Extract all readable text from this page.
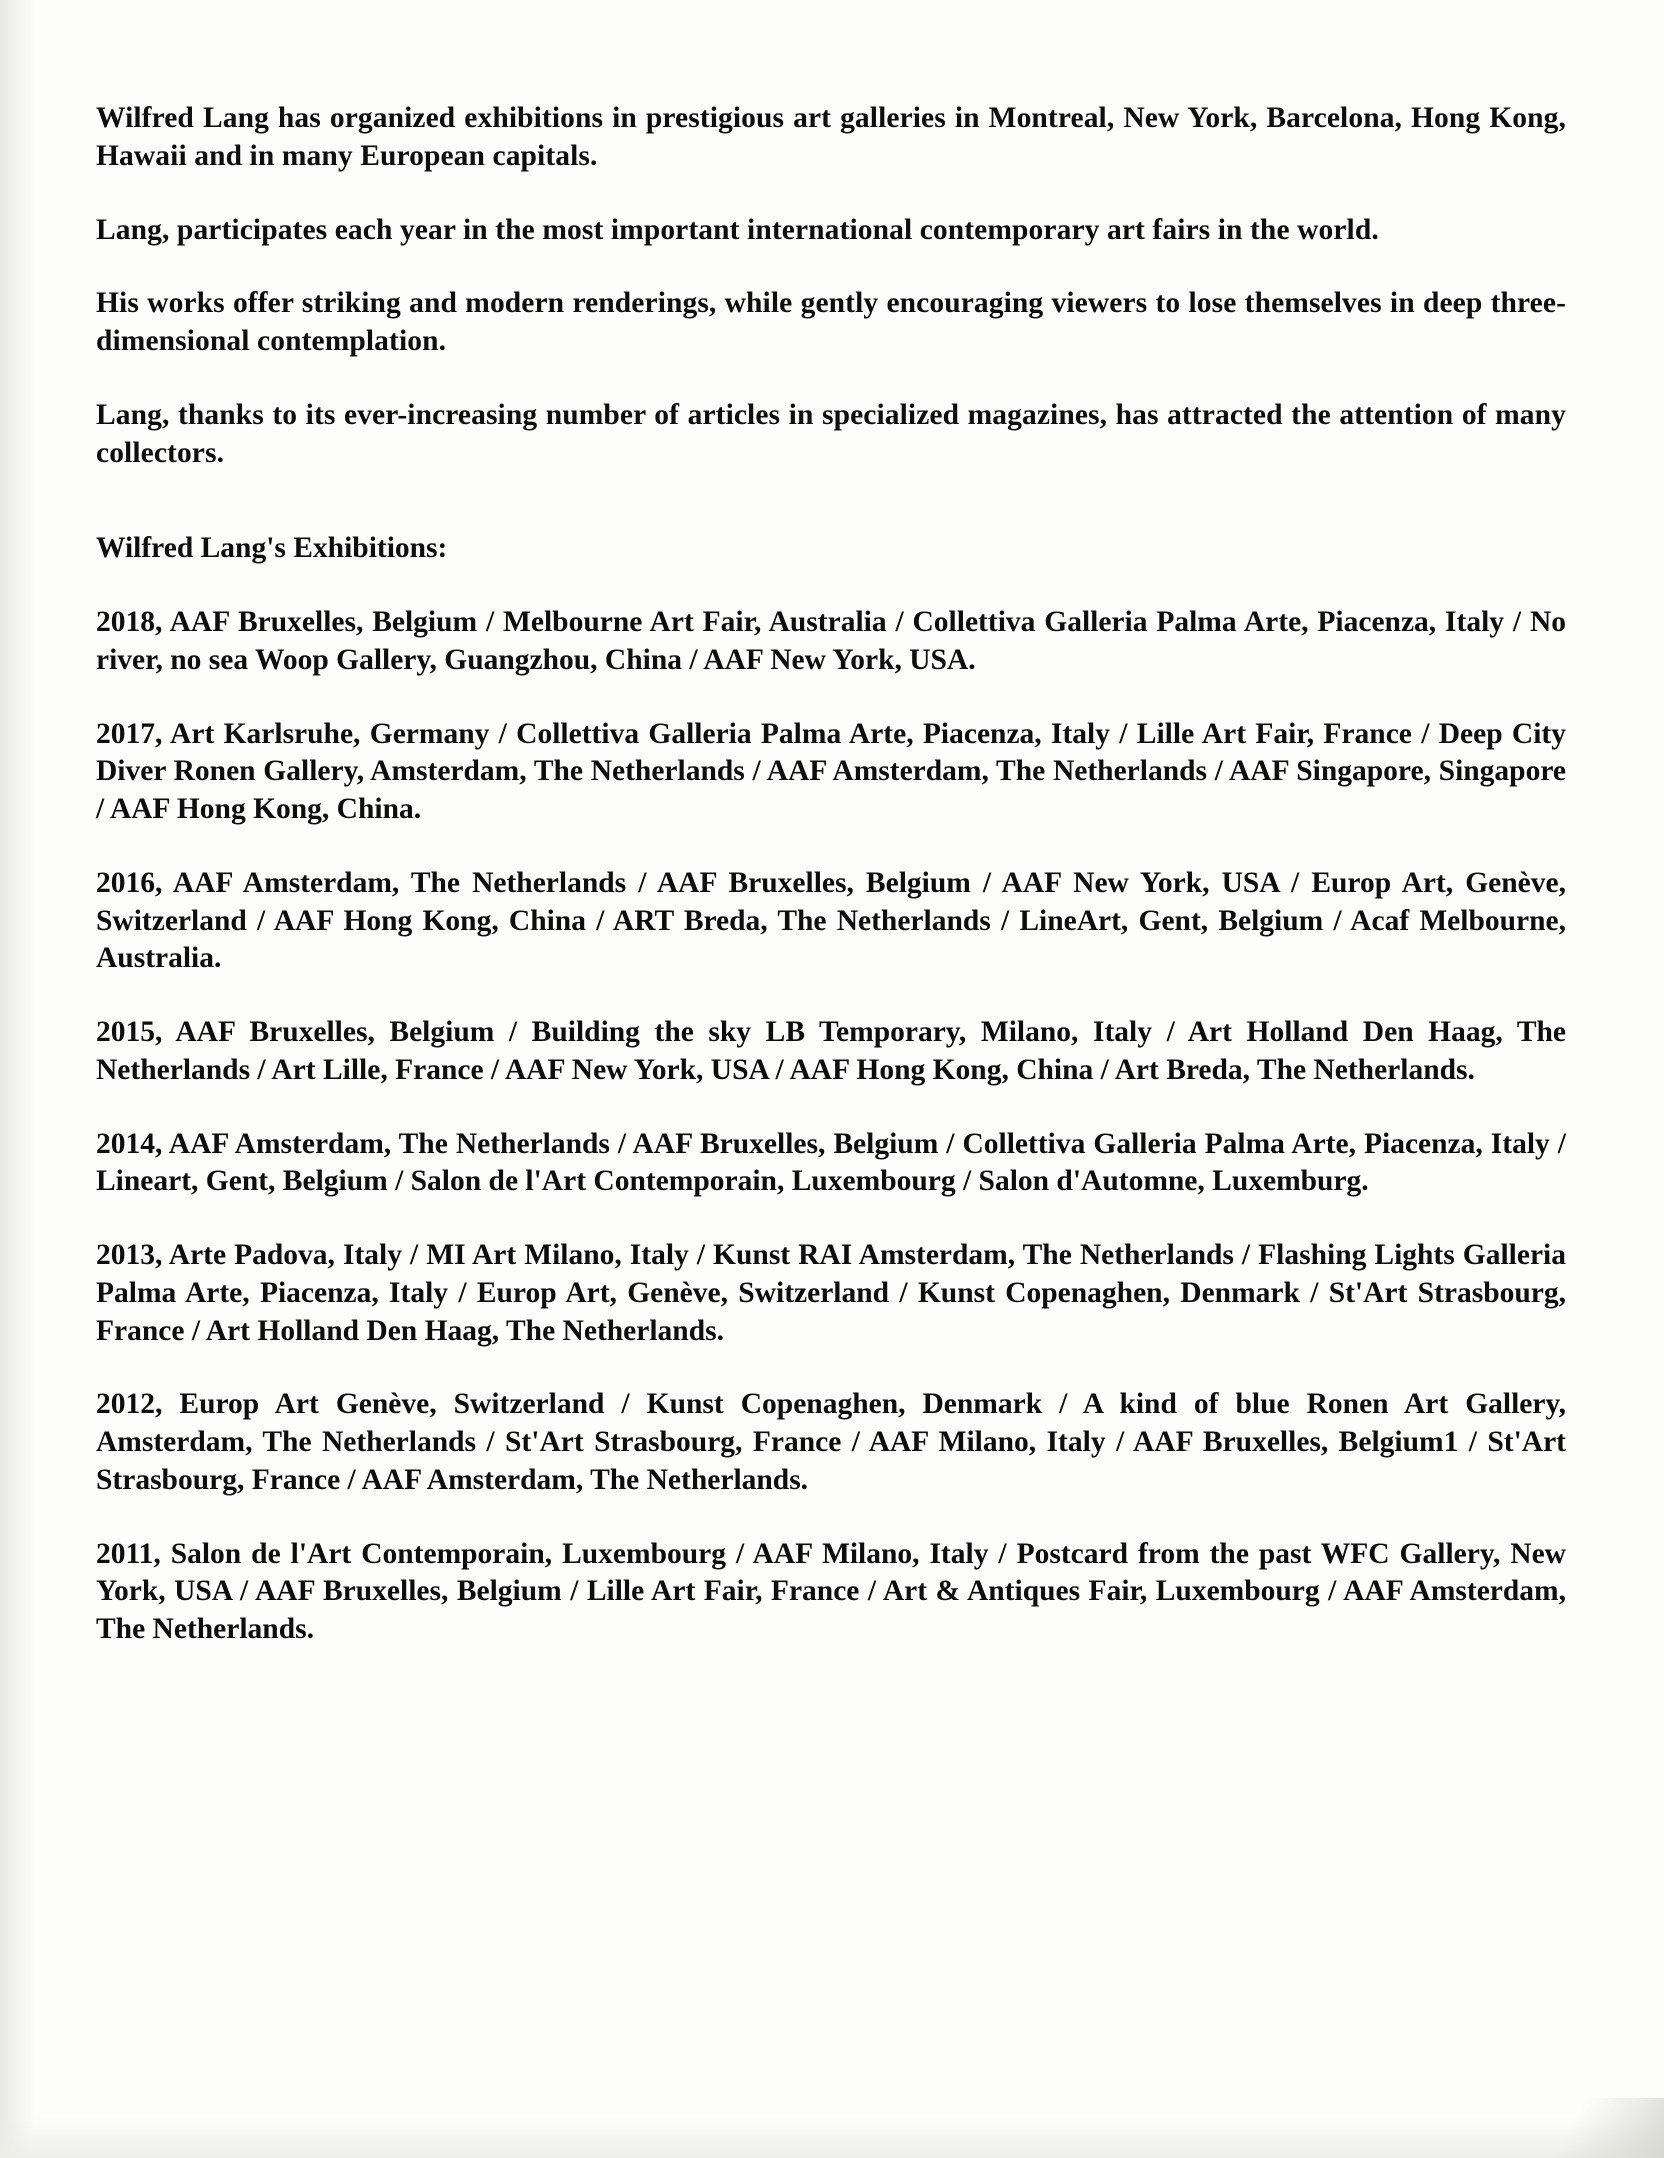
Wilfred Lang has organized exhibitions in prestigious art galleries in Montreal, New York, Barcelona, Hong Kong, Hawaii and in many European capitals.

Lang, participates each year in the most important international contemporary art fairs in the world.

His works offer striking and modern renderings, while gently encouraging viewers to lose themselves in deep three-dimensional contemplation.

Lang, thanks to its ever-increasing number of articles in specialized magazines, has attracted the attention of many collectors.

Wilfred Lang's Exhibitions:

2018, AAF Bruxelles, Belgium / Melbourne Art Fair, Australia / Collettiva Galleria Palma Arte, Piacenza, Italy / No river, no sea Woop Gallery, Guangzhou, China / AAF New York, USA.

2017, Art Karlsruhe, Germany / Collettiva Galleria Palma Arte, Piacenza, Italy / Lille Art Fair, France / Deep City Diver Ronen Gallery, Amsterdam, The Netherlands / AAF Amsterdam, The Netherlands / AAF Singapore, Singapore / AAF Hong Kong, China.

2016, AAF Amsterdam, The Netherlands / AAF Bruxelles, Belgium / AAF New York, USA / Europ Art, Genève, Switzerland / AAF Hong Kong, China / ART Breda, The Netherlands / LineArt, Gent, Belgium / Acaf Melbourne, Australia.

2015, AAF Bruxelles, Belgium / Building the sky LB Temporary, Milano, Italy / Art Holland Den Haag, The Netherlands / Art Lille, France / AAF New York, USA / AAF Hong Kong, China / Art Breda, The Netherlands.

2014, AAF Amsterdam, The Netherlands / AAF Bruxelles, Belgium / Collettiva Galleria Palma Arte, Piacenza, Italy / Lineart, Gent, Belgium / Salon de l'Art Contemporain, Luxembourg / Salon d'Automne, Luxemburg.

2013, Arte Padova, Italy / MI Art Milano, Italy / Kunst RAI Amsterdam, The Netherlands / Flashing Lights Galleria Palma Arte, Piacenza, Italy / Europ Art, Genève, Switzerland / Kunst Copenaghen, Denmark / St'Art Strasbourg, France / Art Holland Den Haag, The Netherlands.

2012, Europ Art Genève, Switzerland / Kunst Copenaghen, Denmark / A kind of blue Ronen Art Gallery, Amsterdam, The Netherlands / St'Art Strasbourg, France / AAF Milano, Italy / AAF Bruxelles, Belgium1 / St'Art Strasbourg, France / AAF Amsterdam, The Netherlands.

2011, Salon de l'Art Contemporain, Luxembourg / AAF Milano, Italy / Postcard from the past WFC Gallery, New York, USA / AAF Bruxelles, Belgium / Lille Art Fair, France / Art & Antiques Fair, Luxembourg / AAF Amsterdam, The Netherlands.
